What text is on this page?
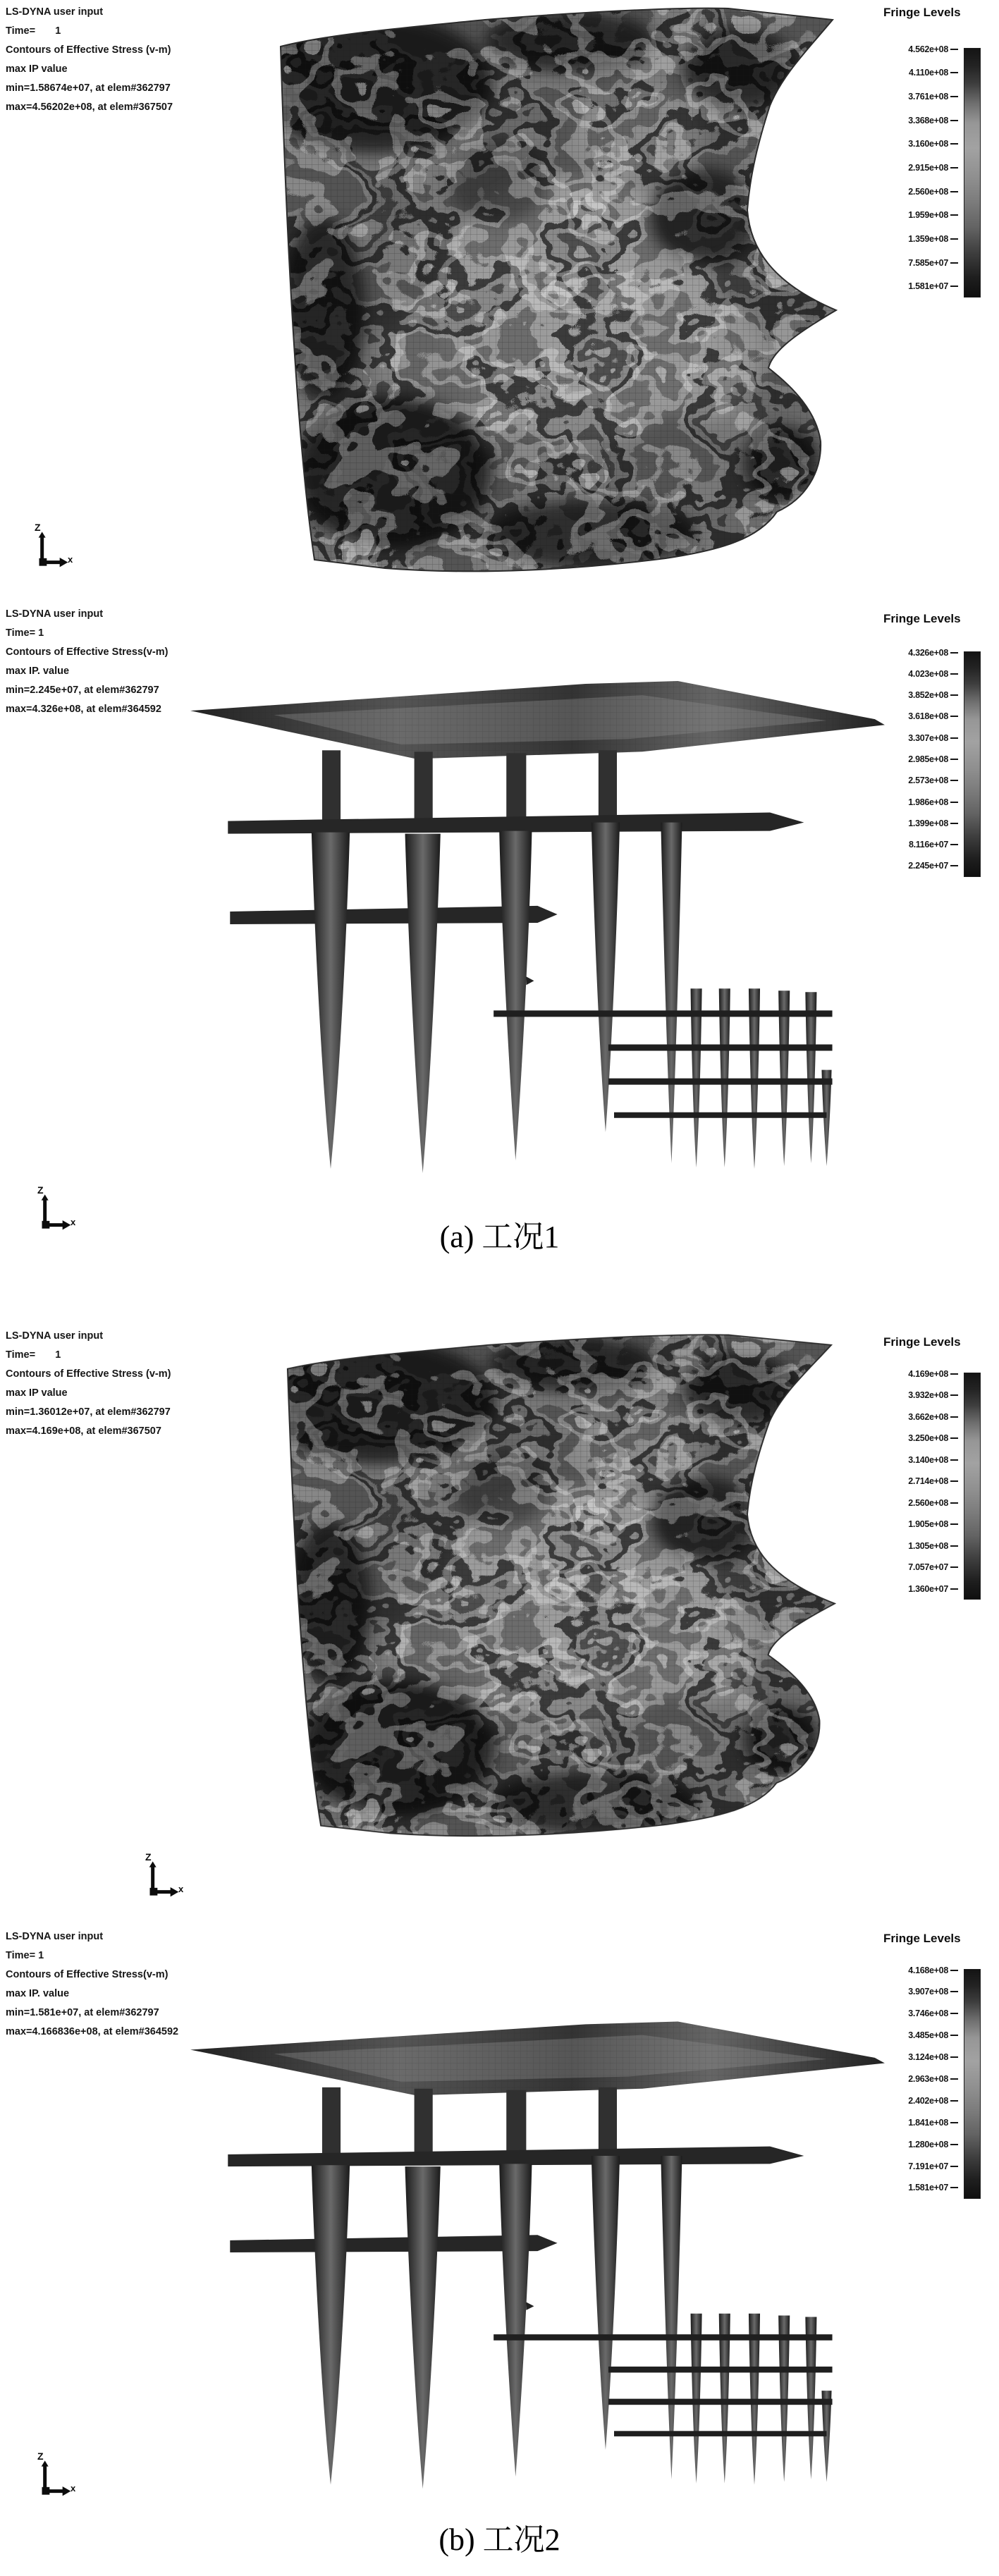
LS-DYNA user input
Time=       1
Contours of Effective Stress (v-m)
max IP value
min=1.58674e+07, at elem#362797
max=4.56202e+08, at elem#367507
Fringe Levels
4.562e+08
4.110e+08
3.761e+08
3.368e+08
3.160e+08
2.915e+08
2.560e+08
1.959e+08
1.359e+08
7.585e+07
1.581e+07
Z
x
LS-DYNA user input
Time= 1
Contours of Effective Stress(v-m)
max IP. value
min=2.245e+07, at elem#362797
max=4.326e+08, at elem#364592
Fringe Levels
4.326e+08
4.023e+08
3.852e+08
3.618e+08
3.307e+08
2.985e+08
2.573e+08
1.986e+08
1.399e+08
8.116e+07
2.245e+07
Z
x	(a) 工况1
LS-DYNA user input
Time=       1
Contours of Effective Stress (v-m)
max IP value
min=1.36012e+07, at elem#362797
max=4.169e+08, at elem#367507
Fringe Levels
4.169e+08
3.932e+08
3.662e+08
3.250e+08
3.140e+08
2.714e+08
2.560e+08
1.905e+08
1.305e+08
7.057e+07
1.360e+07
Z
x
LS-DYNA user input
Time= 1
Contours of Effective Stress(v-m)
max IP. value
min=1.581e+07, at elem#362797
max=4.166836e+08, at elem#364592
Fringe Levels
4.168e+08
3.907e+08
3.746e+08
3.485e+08
3.124e+08
2.963e+08
2.402e+08
1.841e+08
1.280e+08
7.191e+07
1.581e+07
Z
x
(b) 工况2
